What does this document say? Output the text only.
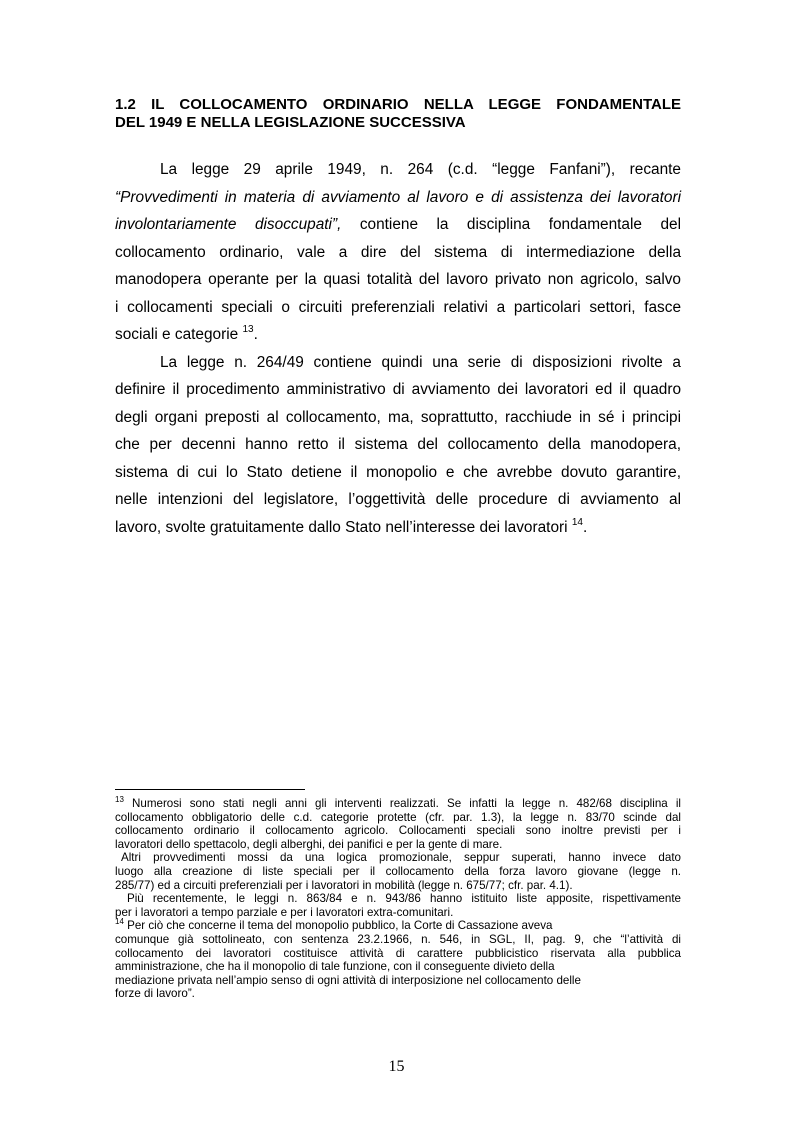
1.2 IL COLLOCAMENTO ORDINARIO NELLA LEGGE FONDAMENTALE
DEL 1949 E NELLA LEGISLAZIONE SUCCESSIVA
La legge 29 aprile 1949, n. 264 (c.d. “legge Fanfani”), recante
“Provvedimenti in materia di avviamento al lavoro e di assistenza dei lavoratori
involontariamente disoccupati”, contiene la disciplina fondamentale del
collocamento ordinario, vale a dire del sistema di intermediazione della
manodopera operante per la quasi totalità del lavoro privato non agricolo, salvo
i collocamenti speciali o circuiti preferenziali relativi a particolari settori, fasce
sociali e categorie $^{13}$.
La legge n. 264/49 contiene quindi una serie di disposizioni rivolte a
definire il procedimento amministrativo di avviamento dei lavoratori ed il quadro
degli organi preposti al collocamento, ma, soprattutto, racchiude in sé i principi
che per decenni hanno retto il sistema del collocamento della manodopera,
sistema di cui lo Stato detiene il monopolio e che avrebbe dovuto garantire,
nelle intenzioni del legislatore, l’oggettività delle procedure di avviamento al
lavoro, svolte gratuitamente dallo Stato nell’interesse dei lavoratori $^{14}$.
$^{13}$ Numerosi sono stati negli anni gli interventi realizzati. Se infatti la legge n. 482/68 disciplina il
collocamento obbligatorio delle c.d. categorie protette (cfr. par. 1.3), la legge n. 83/70 scinde dal
collocamento ordinario il collocamento agricolo. Collocamenti speciali sono inoltre previsti per i
lavoratori dello spettacolo, degli alberghi, dei panifici e per la gente di mare.
Altri provvedimenti mossi da una logica promozionale, seppur superati, hanno invece dato
luogo alla creazione di liste speciali per il collocamento della forza lavoro giovane (legge n.
285/77) ed a circuiti preferenziali per i lavoratori in mobilità (legge n. 675/77; cfr. par. 4.1).
Più recentemente, le leggi n. 863/84 e n. 943/86 hanno istituito liste apposite, rispettivamente
per i lavoratori a tempo parziale e per i lavoratori extra-comunitari.
$^{14}$ Per ciò che concerne il tema del monopolio pubblico, la Corte di Cassazione aveva
comunque già sottolineato, con sentenza 23.2.1966, n. 546, in SGL, II, pag. 9, che “l’attività di
collocamento dei lavoratori costituisce attività di carattere pubblicistico riservata alla pubblica
amministrazione, che ha il monopolio di tale funzione, con il conseguente divieto della
mediazione privata nell’ampio senso di ogni attività di interposizione nel collocamento delle
forze di lavoro”.
15
